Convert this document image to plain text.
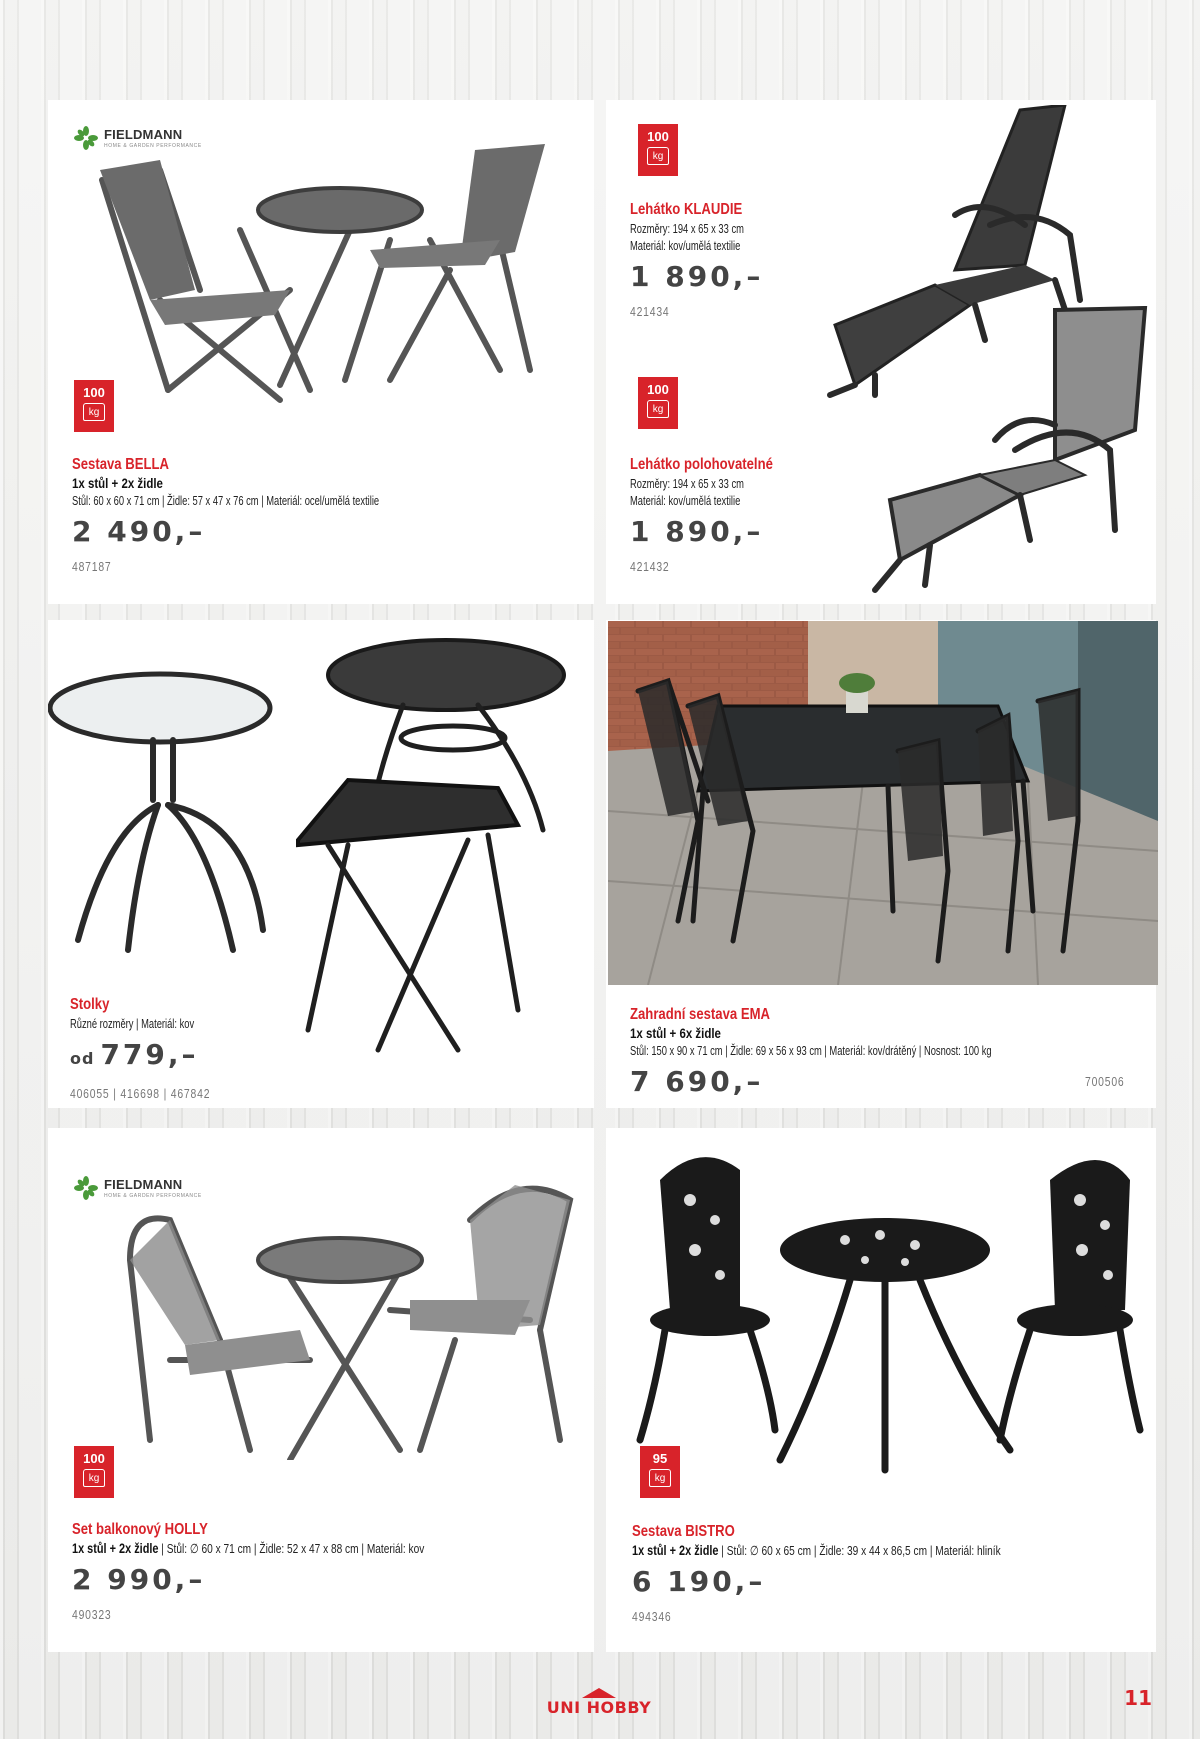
FIELDMANN
HOME & GARDEN PERFORMANCE
100
kg
Sestava BELLA
1x stůl + 2x židle
Stůl: 60 x 60 x 71 cm | Židle: 57 x 47 x 76 cm | Materiál: ocel/umělá textilie
2 490,–
487187
100
kg
Lehátko KLAUDIE
Rozměry: 194 x 65 x 33 cm
Materiál: kov/umělá textilie
1 890,–
421434
100
kg
Lehátko polohovatelné
Rozměry: 194 x 65 x 33 cm
Materiál: kov/umělá textilie
1 890,–
421432
Stolky
Různé rozměry | Materiál: kov
od 779,–
406055 | 416698 | 467842
Zahradní sestava EMA
1x stůl + 6x židle
Stůl: 150 x 90 x 71 cm | Židle: 69 x 56 x 93 cm | Materiál: kov/drátěný | Nosnost: 100 kg
7 690,–	700506
FIELDMANN
HOME & GARDEN PERFORMANCE
100
kg
Set balkonový HOLLY
1x stůl + 2x židle | Stůl: ∅ 60 x 71 cm | Židle: 52 x 47 x 88 cm | Materiál: kov
2 990,–
490323
95
kg
Sestava BISTRO
1x stůl + 2x židle | Stůl: ∅ 60 x 65 cm | Židle: 39 x 44 x 86,5 cm | Materiál: hliník
6 190,–
494346
UNI HOBBY	11
